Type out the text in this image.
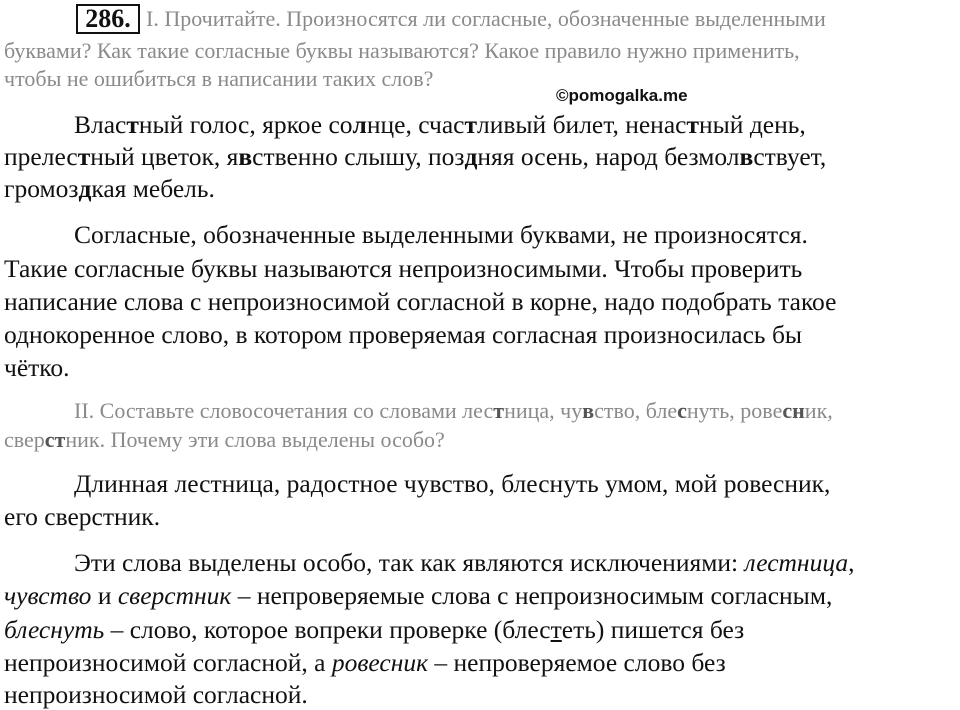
286. I. Прочитайте. Произносятся ли согласные, обозначенные выделенными

буквами? Как такие согласные буквы называются? Какое правило нужно применить,

чтобы не ошибиться в написании таких слов?

©pomogalka.me

Властный голос, яркое солнце, счастливый билет, ненастный день,

прелестный цветок, явственно слышу, поздняя осень, народ безмолвствует,

громоздкая мебель.

Согласные, обозначенные выделенными буквами, не произносятся.

Такие согласные буквы называются непроизносимыми. Чтобы проверить

написание слова с непроизносимой согласной в корне, надо подобрать такое

однокоренное слово, в котором проверяемая согласная произносилась бы

чётко.

II. Составьте словосочетания со словами лестница, чувство, блеснуть, ровесник,

сверстник. Почему эти слова выделены особо?

Длинная лестница, радостное чувство, блеснуть умом, мой ровесник,

его сверстник.

Эти слова выделены особо, так как являются исключениями: лестница,

чувство и сверстник – непроверяемые слова с непроизносимым согласным,

блеснуть – слово, которое вопреки проверке (блестеть) пишется без

непроизносимой согласной, а ровесник – непроверяемое слово без

непроизносимой согласной.
